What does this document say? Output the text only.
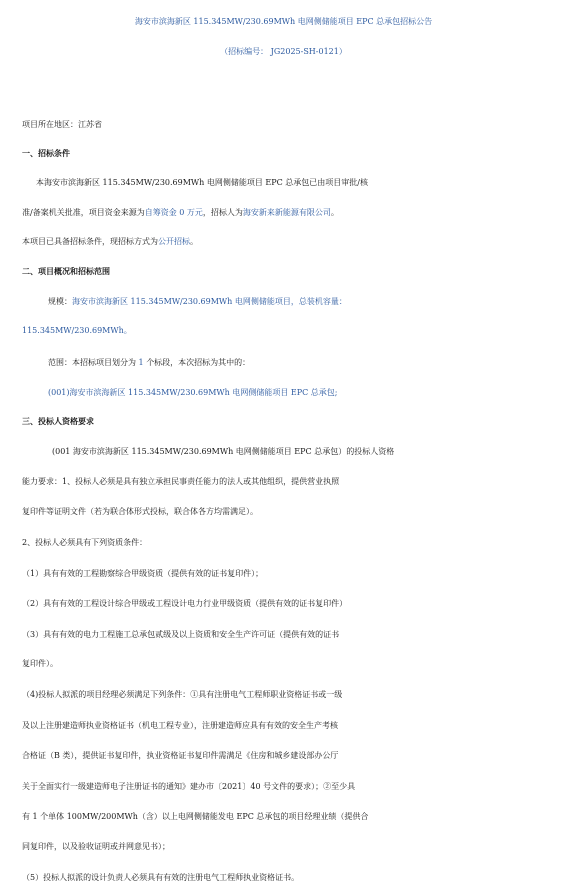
海安市滨海新区 115.345MW/230.69MWh 电网侧储能项目 EPC 总承包招标公告
（招标编号： JG2025-SH-0121）
项目所在地区：江苏省
一、招标条件
本海安市滨海新区 115.345MW/230.69MWh 电网侧储能项目 EPC 总承包已由项目审批/核
准/备案机关批准，项目资金来源为自筹资金 0 万元，招标人为海安新来新能源有限公司。
本项目已具备招标条件，现招标方式为公开招标。
二、项目概况和招标范围
规模：海安市滨海新区 115.345MW/230.69MWh 电网侧储能项目，总装机容量：
115.345MW/230.69MWh。
范围：本招标项目划分为 1 个标段，本次招标为其中的：
(001)海安市滨海新区 115.345MW/230.69MWh 电网侧储能项目 EPC 总承包;
三、投标人资格要求
(001 海安市滨海新区 115.345MW/230.69MWh 电网侧储能项目 EPC 总承包）的投标人资格
能力要求：1、投标人必须是具有独立承担民事责任能力的法人或其他组织，提供营业执照
复印件等证明文件（若为联合体形式投标，联合体各方均需满足）。
2、投标人必须具有下列资质条件：
（1）具有有效的工程勘察综合甲级资质（提供有效的证书复印件）；
（2）具有有效的工程设计综合甲级或工程设计电力行业甲级资质（提供有效的证书复印件）
（3）具有有效的电力工程施工总承包贰级及以上资质和安全生产许可证（提供有效的证书
复印件）。
（4)投标人拟派的项目经理必须满足下列条件：①具有注册电气工程师职业资格证书或一级
及以上注册建造师执业资格证书（机电工程专业），注册建造师应具有有效的安全生产考核
合格证（B 类），提供证书复印件，执业资格证书复印件需满足《住房和城乡建设部办公厅
关于全面实行一级建造师电子注册证书的通知》建办市〔2021〕40 号文件的要求）；②至少具
有 1 个单体 100MW/200MWh（含）以上电网侧储能发电 EPC 总承包的项目经理业绩（提供合
同复印件，以及验收证明或并网意见书）；
（5）投标人拟派的设计负责人必须具有有效的注册电气工程师执业资格证书。
